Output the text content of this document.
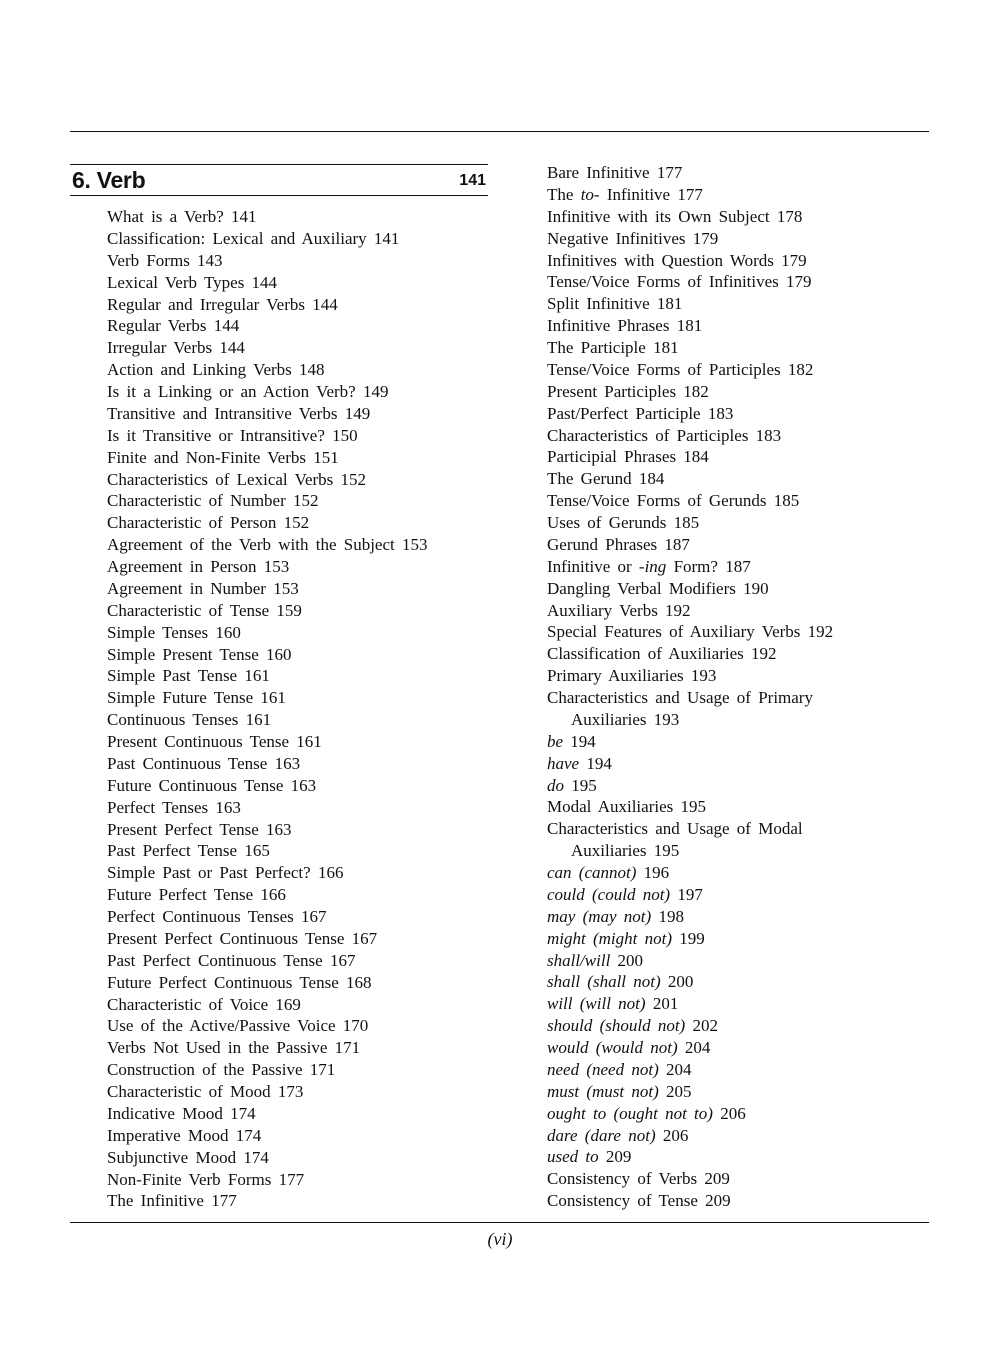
6. Verb	141
What is a Verb? 141
Classification: Lexical and Auxiliary 141
Verb Forms 143
Lexical Verb Types 144
Regular and Irregular Verbs 144
Regular Verbs 144
Irregular Verbs 144
Action and Linking Verbs 148
Is it a Linking or an Action Verb? 149
Transitive and Intransitive Verbs 149
Is it Transitive or Intransitive? 150
Finite and Non-Finite Verbs 151
Characteristics of Lexical Verbs 152
Characteristic of Number 152
Characteristic of Person 152
Agreement of the Verb with the Subject 153
Agreement in Person 153
Agreement in Number 153
Characteristic of Tense 159
Simple Tenses 160
Simple Present Tense 160
Simple Past Tense 161
Simple Future Tense 161
Continuous Tenses 161
Present Continuous Tense 161
Past Continuous Tense 163
Future Continuous Tense 163
Perfect Tenses 163
Present Perfect Tense 163
Past Perfect Tense 165
Simple Past or Past Perfect? 166
Future Perfect Tense 166
Perfect Continuous Tenses 167
Present Perfect Continuous Tense 167
Past Perfect Continuous Tense 167
Future Perfect Continuous Tense 168
Characteristic of Voice 169
Use of the Active/Passive Voice 170
Verbs Not Used in the Passive 171
Construction of the Passive 171
Characteristic of Mood 173
Indicative Mood 174
Imperative Mood 174
Subjunctive Mood 174
Non-Finite Verb Forms 177
The Infinitive 177
Bare Infinitive 177
The to- Infinitive 177
Infinitive with its Own Subject 178
Negative Infinitives 179
Infinitives with Question Words 179
Tense/Voice Forms of Infinitives 179
Split Infinitive 181
Infinitive Phrases 181
The Participle 181
Tense/Voice Forms of Participles 182
Present Participles 182
Past/Perfect Participle 183
Characteristics of Participles 183
Participial Phrases 184
The Gerund 184
Tense/Voice Forms of Gerunds 185
Uses of Gerunds 185
Gerund Phrases 187
Infinitive or -ing Form? 187
Dangling Verbal Modifiers 190
Auxiliary Verbs 192
Special Features of Auxiliary Verbs 192
Classification of Auxiliaries 192
Primary Auxiliaries 193
Characteristics and Usage of Primary
Auxiliaries 193
be 194
have 194
do 195
Modal Auxiliaries 195
Characteristics and Usage of Modal
Auxiliaries 195
can (cannot) 196
could (could not) 197
may (may not) 198
might (might not) 199
shall/will 200
shall (shall not) 200
will (will not) 201
should (should not) 202
would (would not) 204
need (need not) 204
must (must not) 205
ought to (ought not to) 206
dare (dare not) 206
used to 209
Consistency of Verbs 209
Consistency of Tense 209
(vi)
